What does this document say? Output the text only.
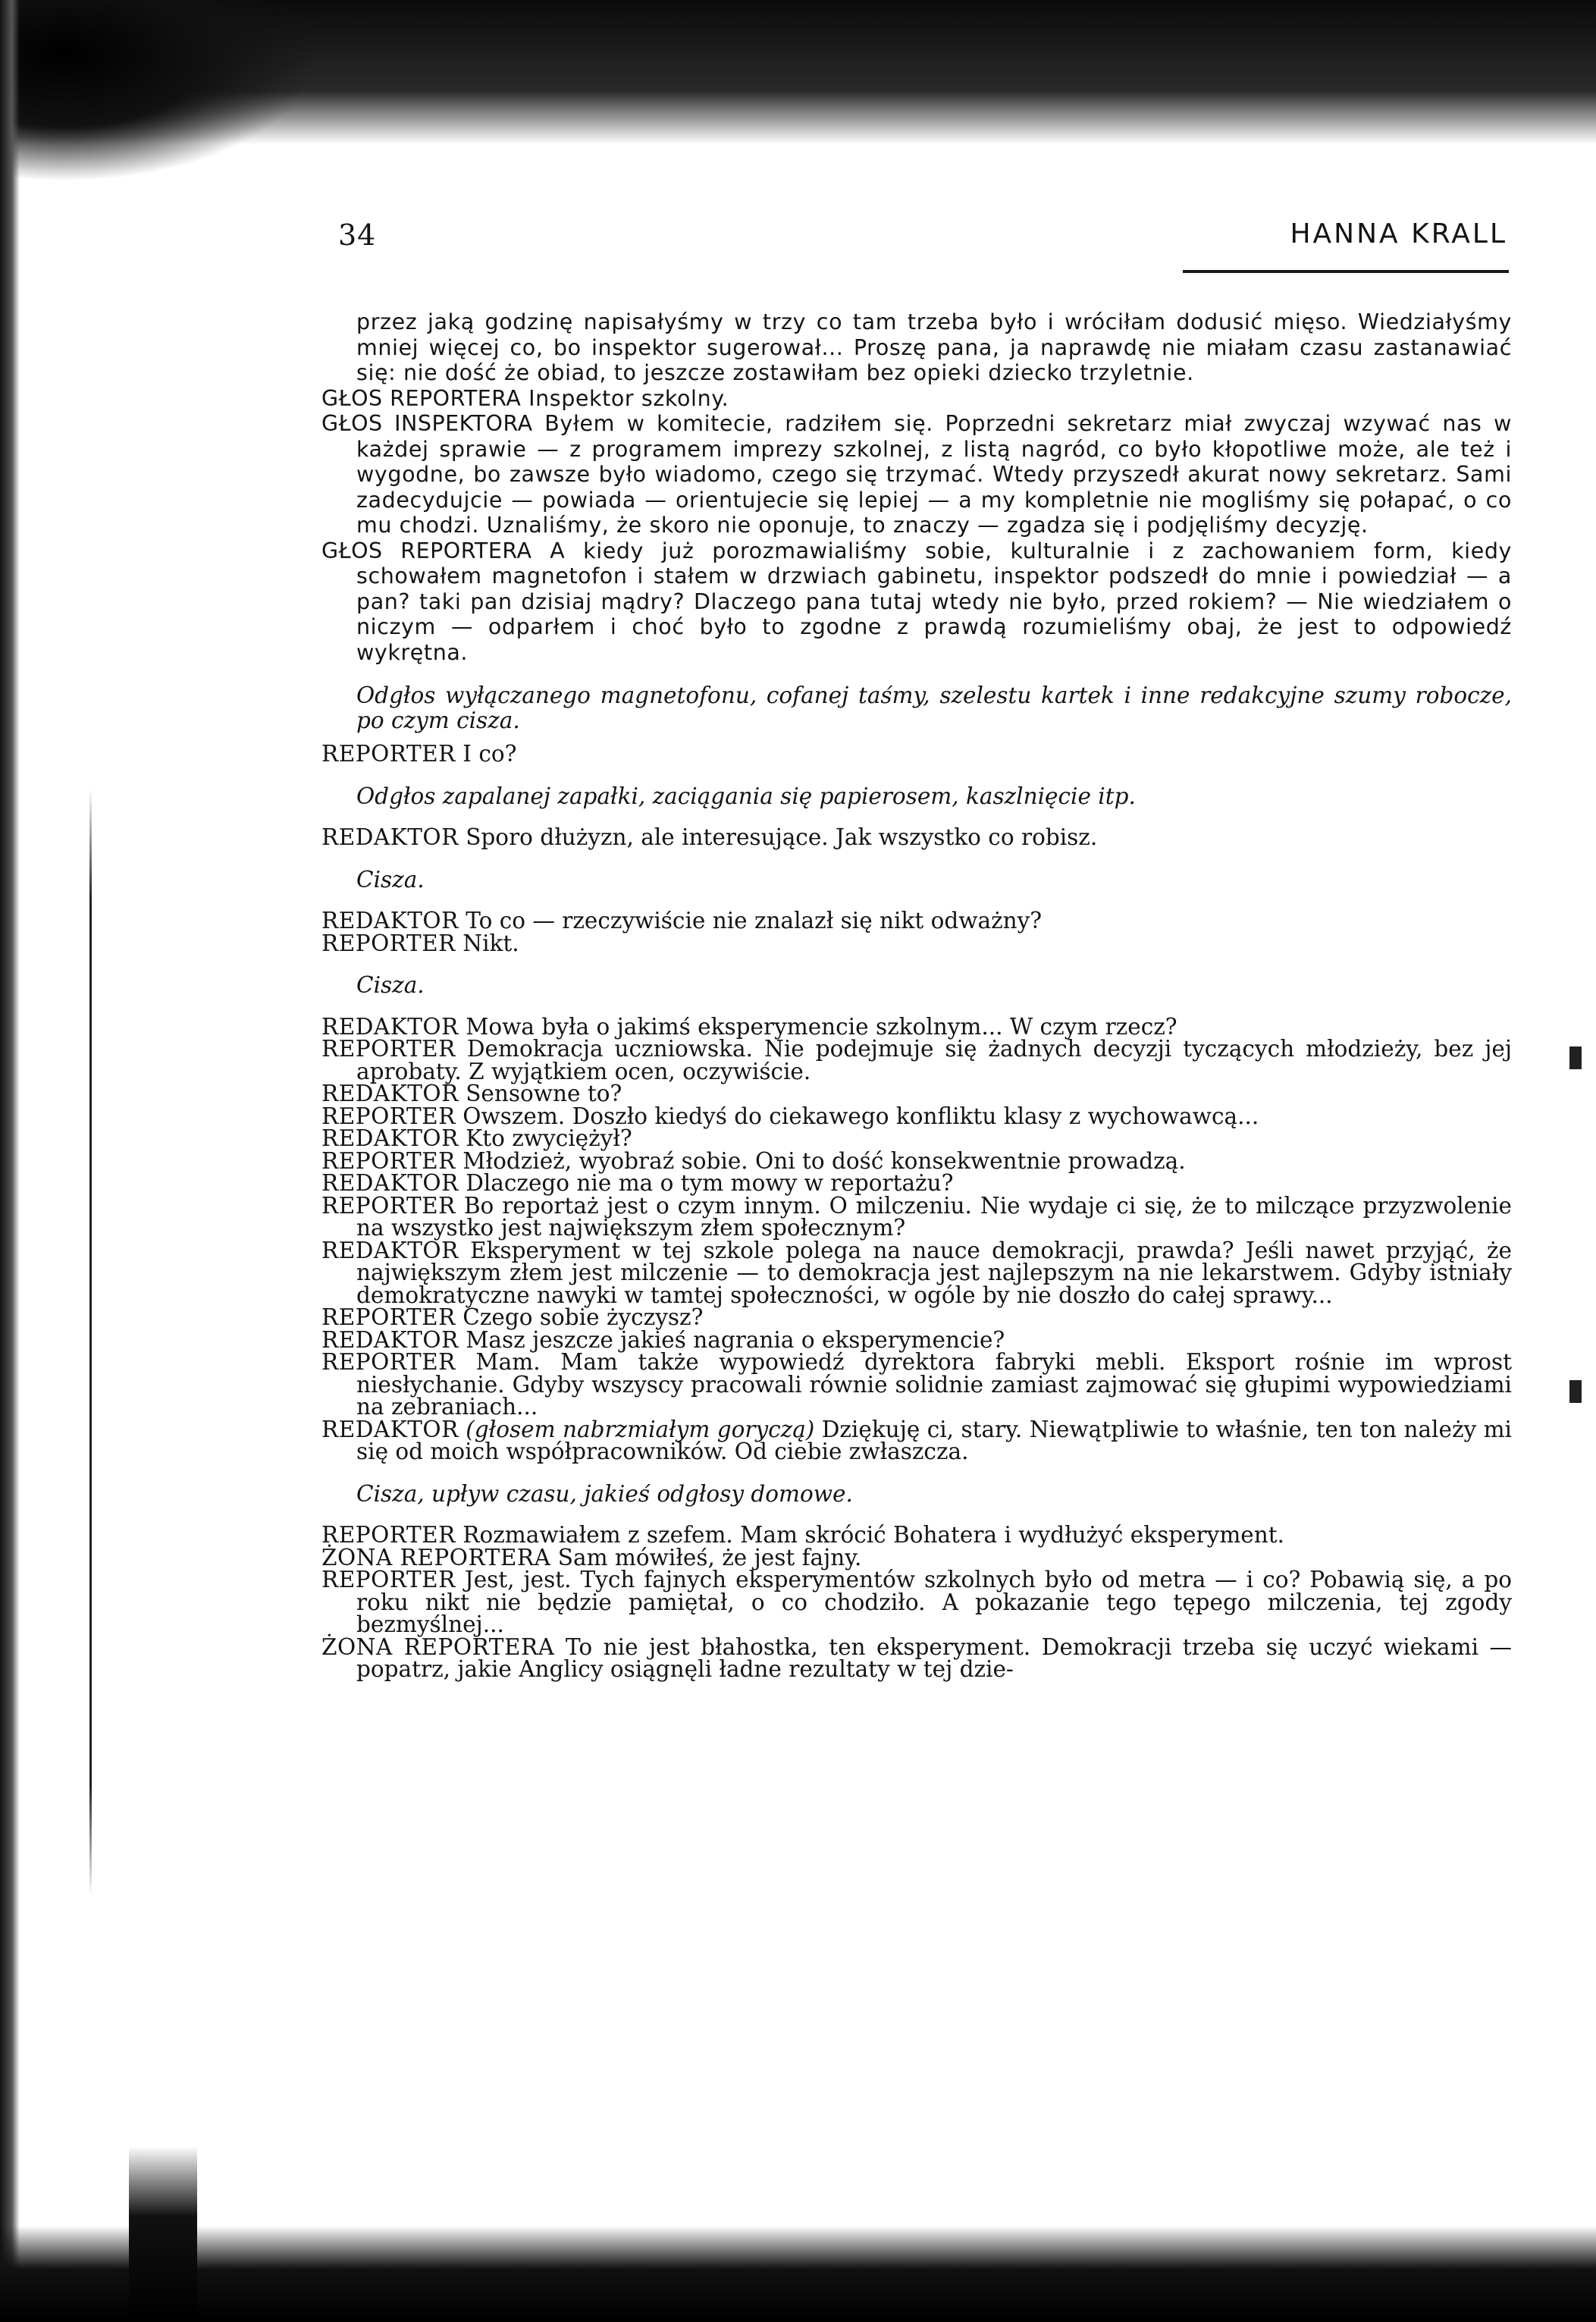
34	HANNA KRALL

przez jaką godzinę napisałyśmy w trzy co tam trzeba było i wróciłam dodusić mięso. Wiedziałyśmy mniej więcej co, bo inspektor sugerował... Proszę pana, ja naprawdę nie miałam czasu zastanawiać się: nie dość że obiad, to jeszcze zostawiłam bez opieki dziecko trzyletnie.

GŁOS REPORTERA Inspektor szkolny.

GŁOS INSPEKTORA Byłem w komitecie, radziłem się. Poprzedni sekretarz miał zwyczaj wzywać nas w każdej sprawie — z programem imprezy szkolnej, z listą nagród, co było kłopotliwe może, ale też i wygodne, bo zawsze było wiadomo, czego się trzymać. Wtedy przyszedł akurat nowy sekretarz. Sami zadecydujcie — powiada — orientujecie się lepiej — a my kompletnie nie mogliśmy się połapać, o co mu chodzi. Uznaliśmy, że skoro nie oponuje, to znaczy — zgadza się i podjęliśmy decyzję.

GŁOS REPORTERA A kiedy już porozmawialiśmy sobie, kulturalnie i z zachowaniem form, kiedy schowałem magnetofon i stałem w drzwiach gabinetu, inspektor podszedł do mnie i powiedział — a pan? taki pan dzisiaj mądry? Dlaczego pana tutaj wtedy nie było, przed rokiem? — Nie wiedziałem o niczym — odparłem i choć było to zgodne z prawdą rozumieliśmy obaj, że jest to odpowiedź wykrętna.

Odgłos wyłączanego magnetofonu, cofanej taśmy, szelestu kartek i inne redakcyjne szumy robocze, po czym cisza.

REPORTER I co?

Odgłos zapalanej zapałki, zaciągania się papierosem, kaszlnięcie itp.

REDAKTOR Sporo dłużyzn, ale interesujące. Jak wszystko co robisz.

Cisza.

REDAKTOR To co — rzeczywiście nie znalazł się nikt odważny?

REPORTER Nikt.

Cisza.

REDAKTOR Mowa była o jakimś eksperymencie szkolnym... W czym rzecz?

REPORTER Demokracja uczniowska. Nie podejmuje się żadnych decyzji tyczących młodzieży, bez jej aprobaty. Z wyjątkiem ocen, oczywiście.

REDAKTOR Sensowne to?

REPORTER Owszem. Doszło kiedyś do ciekawego konfliktu klasy z wychowawcą...

REDAKTOR Kto zwyciężył?

REPORTER Młodzież, wyobraź sobie. Oni to dość konsekwentnie prowadzą.

REDAKTOR Dlaczego nie ma o tym mowy w reportażu?

REPORTER Bo reportaż jest o czym innym. O milczeniu. Nie wydaje ci się, że to milczące przyzwolenie na wszystko jest największym złem społecznym?

REDAKTOR Eksperyment w tej szkole polega na nauce demokracji, prawda? Jeśli nawet przyjąć, że największym złem jest milczenie — to demokracja jest najlepszym na nie lekarstwem. Gdyby istniały demokratyczne nawyki w tamtej społeczności, w ogóle by nie doszło do całej sprawy...

REPORTER Czego sobie życzysz?

REDAKTOR Masz jeszcze jakieś nagrania o eksperymencie?

REPORTER Mam. Mam także wypowiedź dyrektora fabryki mebli. Eksport rośnie im wprost niesłychanie. Gdyby wszyscy pracowali równie solidnie zamiast zajmować się głupimi wypowiedziami na zebraniach...

REDAKTOR (głosem nabrzmiałym goryczą) Dziękuję ci, stary. Niewątpliwie to właśnie, ten ton należy mi się od moich współpracowników. Od ciebie zwłaszcza.

Cisza, upływ czasu, jakieś odgłosy domowe.

REPORTER Rozmawiałem z szefem. Mam skrócić Bohatera i wydłużyć eksperyment.

ŻONA REPORTERA Sam mówiłeś, że jest fajny.

REPORTER Jest, jest. Tych fajnych eksperymentów szkolnych było od metra — i co? Pobawią się, a po roku nikt nie będzie pamiętał, o co chodziło. A pokazanie tego tępego milczenia, tej zgody bezmyślnej...

ŻONA REPORTERA To nie jest błahostka, ten eksperyment. Demokracji trzeba się uczyć wiekami — popatrz, jakie Anglicy osiągnęli ładne rezultaty w tej dzie-
